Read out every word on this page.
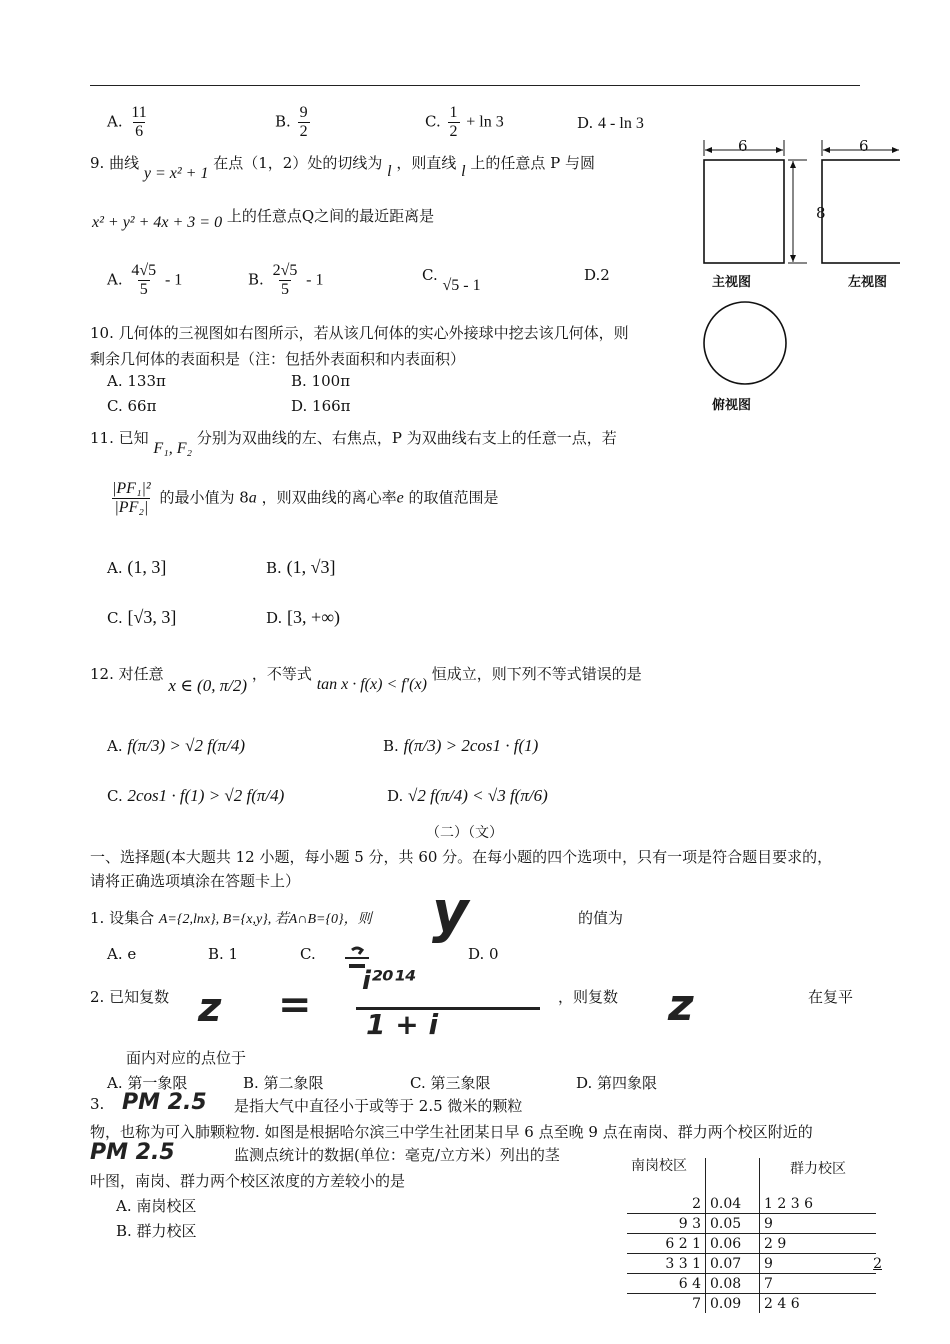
A. $\frac{11}{6}$	B. $\frac{9}{2}$	C. $\frac{1}{2} + \ln 3$	D. 4 - ln 3
9. 曲线 y = x² + 1 在点（1，2）处的切线为 l ，则直线 l 上的任意点 P 与圆
x² + y² + 4x + 3 = 0 上的任意点Q之间的最近距离是
A. $\frac{4√5}{5} - 1$	B. $\frac{2√5}{5} - 1$	C. √5 - 1
D.2
6	6
8
主视图	左视图
俯视图
10. 几何体的三视图如右图所示，若从该几何体的实心外接球中挖去该几何体，则
剩余几何体的表面积是（注：包括外表面积和内表面积）
A. 133π	B. 100π
C. 66π	D. 166π
11. 已知 F₁, F₂ 分别为双曲线的左、右焦点，P 为双曲线右支上的任意一点，若
$\frac{\text{|PF₁|²}}{\text{|PF₂|}}$ 的最小值为 8a ，则双曲线的离心率e 的取值范围是
A. (1, 3]	B. (1, √3]
C. [√3, 3]	D. [3, +∞)
12. 对任意 x ∈ (0, π/2) ，不等式 tan x · f(x) < f′(x) 恒成立，则下列不等式错误的是
A. f(π/3) > √2 f(π/4)	B. f(π/3) > 2cos1 · f(1)
C. 2cos1 · f(1) > √2 f(π/4)	D. √2 f(π/4) < √3 f(π/6)
（二）（文）
一、选择题(本大题共 12 小题，每小题 5 分，共 60 分。在每小题的四个选项中，只有一项是符合题目要求的，
请将正确选项填涂在答题卡上）
1. 设集合 A={2,lnx}, B={x,y}, 若A∩B={0}，则 y	的值为
A. e	B. 1	C.	D. 0
2. 已知复数 z =
i²⁰¹⁴
1 + i
，则复数 z	在复平
面内对应的点位于
A. 第一象限	B. 第二象限	C. 第三象限	D. 第四象限
3. PM 2.5 是指大气中直径小于或等于 2.5 微米的颗粒
物，也称为可入肺颗粒物. 如图是根据哈尔滨三中学生社团某日早 6 点至晚 9 点在南岗、群力两个校区附近的
PM 2.5	监测点统计的数据(单位：毫克/立方米）列出的茎
叶图，南岗、群力两个校区浓度的方差较小的是
A. 南岗校区
B. 群力校区
南岗校区		群力校区
2	0.04	1 2 3 6
9 3	0.05	9
6 2 1	0.06	2 9
3 3 1	0.07	9 2

6 4	0.08	7
7	0.09	2 4 6
